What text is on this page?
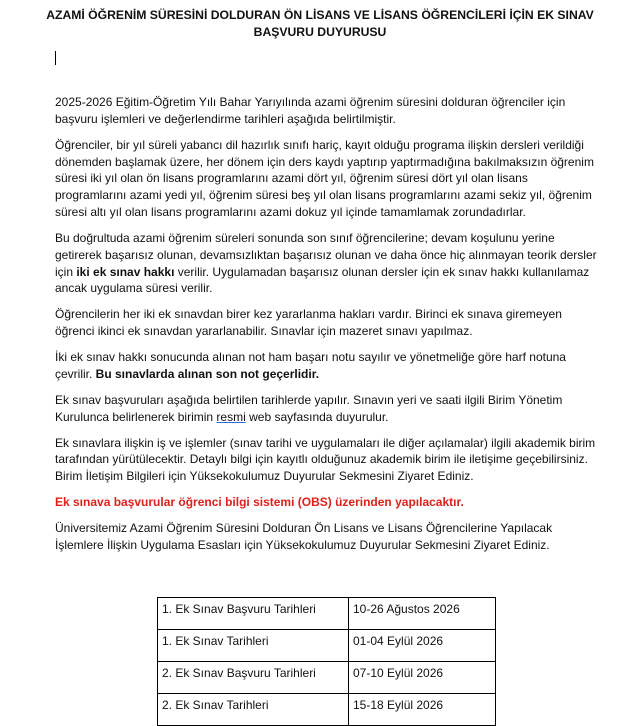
AZAMİ ÖĞRENİM SÜRESİNİ DOLDURAN ÖN LİSANS VE LİSANS ÖĞRENCİLERİ İÇİN EK SINAV BAŞVURU DUYURUSU

2025-2026 Eğitim-Öğretim Yılı Bahar Yarıyılında azami öğrenim süresini dolduran öğrenciler için başvuru işlemleri ve değerlendirme tarihleri aşağıda belirtilmiştir.

Öğrenciler, bir yıl süreli yabancı dil hazırlık sınıfı hariç, kayıt olduğu programa ilişkin dersleri verildiği dönemden başlamak üzere, her dönem için ders kaydı yaptırıp yaptırmadığına bakılmaksızın öğrenim süresi iki yıl olan ön lisans programlarını azami dört yıl, öğrenim süresi dört yıl olan lisans programlarını azami yedi yıl, öğrenim süresi beş yıl olan lisans programlarını azami sekiz yıl, öğrenim süresi altı yıl olan lisans programlarını azami dokuz yıl içinde tamamlamak zorundadırlar.

Bu doğrultuda azami öğrenim süreleri sonunda son sınıf öğrencilerine; devam koşulunu yerine getirerek başarısız olunan, devamsızlıktan başarısız olunan ve daha önce hiç alınmayan teorik dersler için iki ek sınav hakkı verilir. Uygulamadan başarısız olunan dersler için ek sınav hakkı kullanılamaz ancak uygulama süresi verilir.

Öğrencilerin her iki ek sınavdan birer kez yararlanma hakları vardır. Birinci ek sınava giremeyen öğrenci ikinci ek sınavdan yararlanabilir. Sınavlar için mazeret sınavı yapılmaz.

İki ek sınav hakkı sonucunda alınan not ham başarı notu sayılır ve yönetmeliğe göre harf notuna çevrilir. Bu sınavlarda alınan son not geçerlidir.

Ek sınav başvuruları aşağıda belirtilen tarihlerde yapılır. Sınavın yeri ve saati ilgili Birim Yönetim Kurulunca belirlenerek birimin resmi web sayfasında duyurulur.

Ek sınavlara ilişkin iş ve işlemler (sınav tarihi ve uygulamaları ile diğer açılamalar) ilgili akademik birim tarafından yürütülecektir. Detaylı bilgi için kayıtlı olduğunuz akademik birim ile iletişime geçebilirsiniz. Birim İletişim Bilgileri için Yüksekokulumuz Duyurular Sekmesini Ziyaret Ediniz.

Ek sınava başvurular öğrenci bilgi sistemi (OBS) üzerinden yapılacaktır.

Üniversitemiz Azami Öğrenim Süresini Dolduran Ön Lisans ve Lisans Öğrencilerine Yapılacak İşlemlere İlişkin Uygulama Esasları için Yüksekokulumuz Duyurular Sekmesini Ziyaret Ediniz.

1. Ek Sınav Başvuru Tarihleri	10-26 Ağustos 2026
1. Ek Sınav Tarihleri	01-04 Eylül 2026
2. Ek Sınav Başvuru Tarihleri	07-10 Eylül 2026
2. Ek Sınav Tarihleri	15-18 Eylül 2026
